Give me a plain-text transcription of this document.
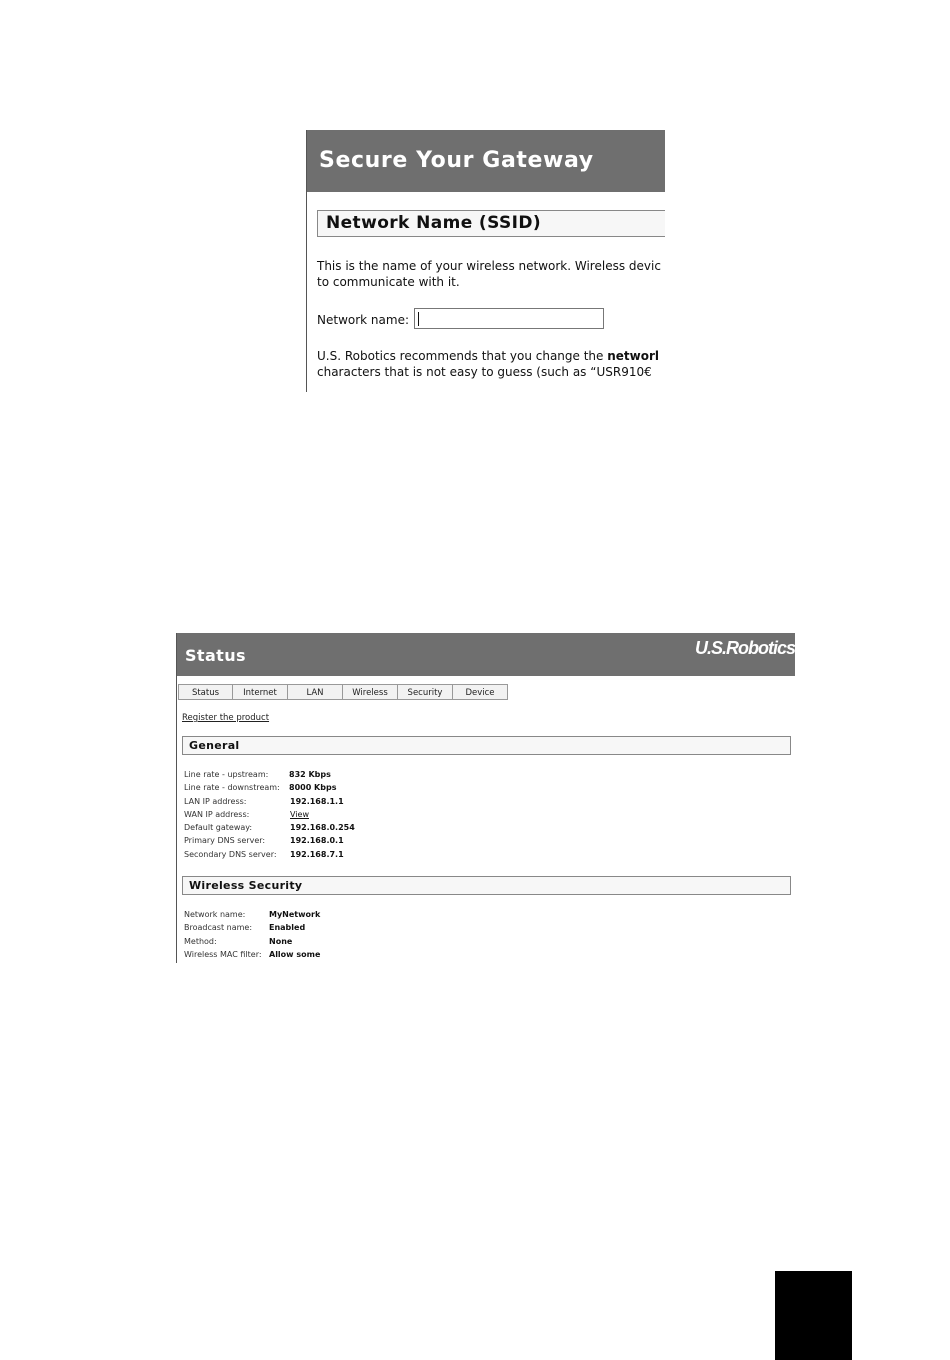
Secure Your Gateway
Network Name (SSID)
This is the name of your wireless network. Wireless devic
to communicate with it.
Network name:
U.S. Robotics recommends that you change the networl
characters that is not easy to guess (such as “USR910€
Status	U.S.Robotics
Status	Internet	LAN	Wireless	Security	Device
Register the product
General
Line rate - upstream:	832 Kbps
Line rate - downstream: 8000 Kbps
LAN IP address:	192.168.1.1
WAN IP address:	View
Default gateway:	192.168.0.254
Primary DNS server:	192.168.0.1
Secondary DNS server: 192.168.7.1
Wireless Security
Network name:	MyNetwork
Broadcast name: Enabled
Method:	None
Wireless MAC filter: Allow some
